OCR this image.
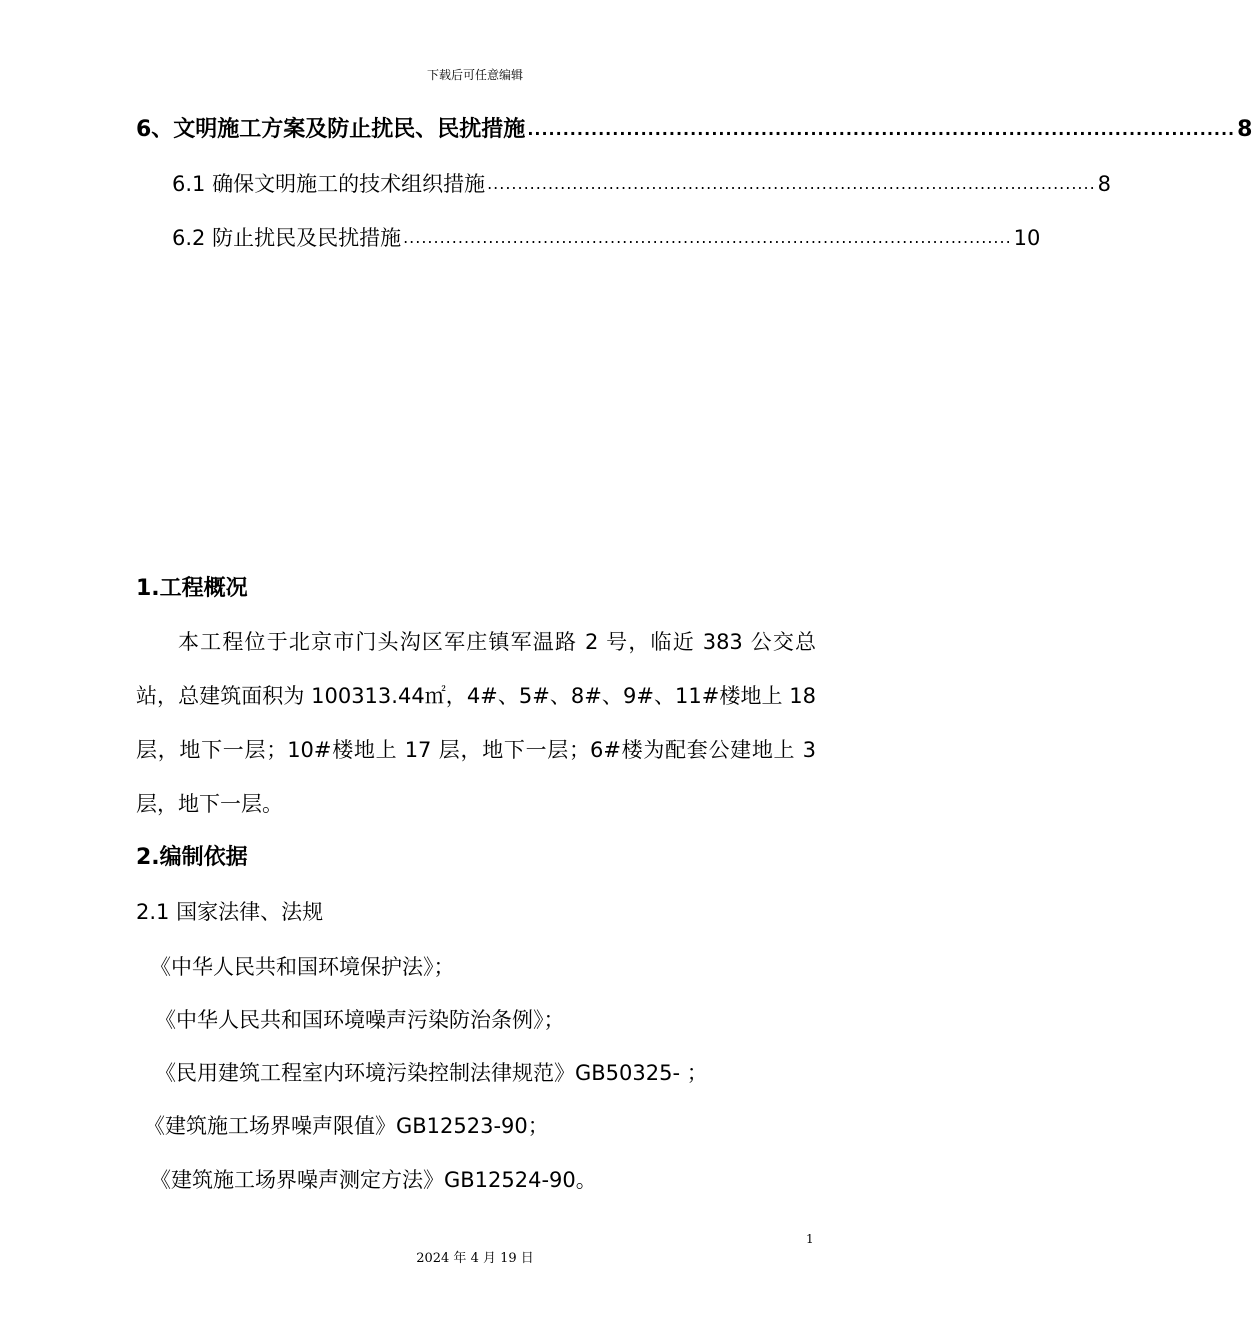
下载后可任意编辑
6、文明施工方案及防止扰民、民扰措施 .................................................................................................... 8
6.1 确保文明施工的技术组织措施 .................................................................................................... 8
6.2 防止扰民及民扰措施 .................................................................................................... 10
1.工程概况
本工程位于北京市门头沟区军庄镇军温路 2 号，临近 383 公交总站，总建筑面积为 100313.44㎡，4#、5#、8#、9#、11#楼地上 18 层，地下一层；10#楼地上 17 层，地下一层；6#楼为配套公建地上 3 层，地下一层。
2.编制依据
2.1 国家法律、法规
《中华人民共和国环境保护法》；
《中华人民共和国环境噪声污染防治条例》；
《民用建筑工程室内环境污染控制法律规范》GB50325- ；
《建筑施工场界噪声限值》GB12523-90；
《建筑施工场界噪声测定方法》GB12524-90。
1
2024 年 4 月 19 日
